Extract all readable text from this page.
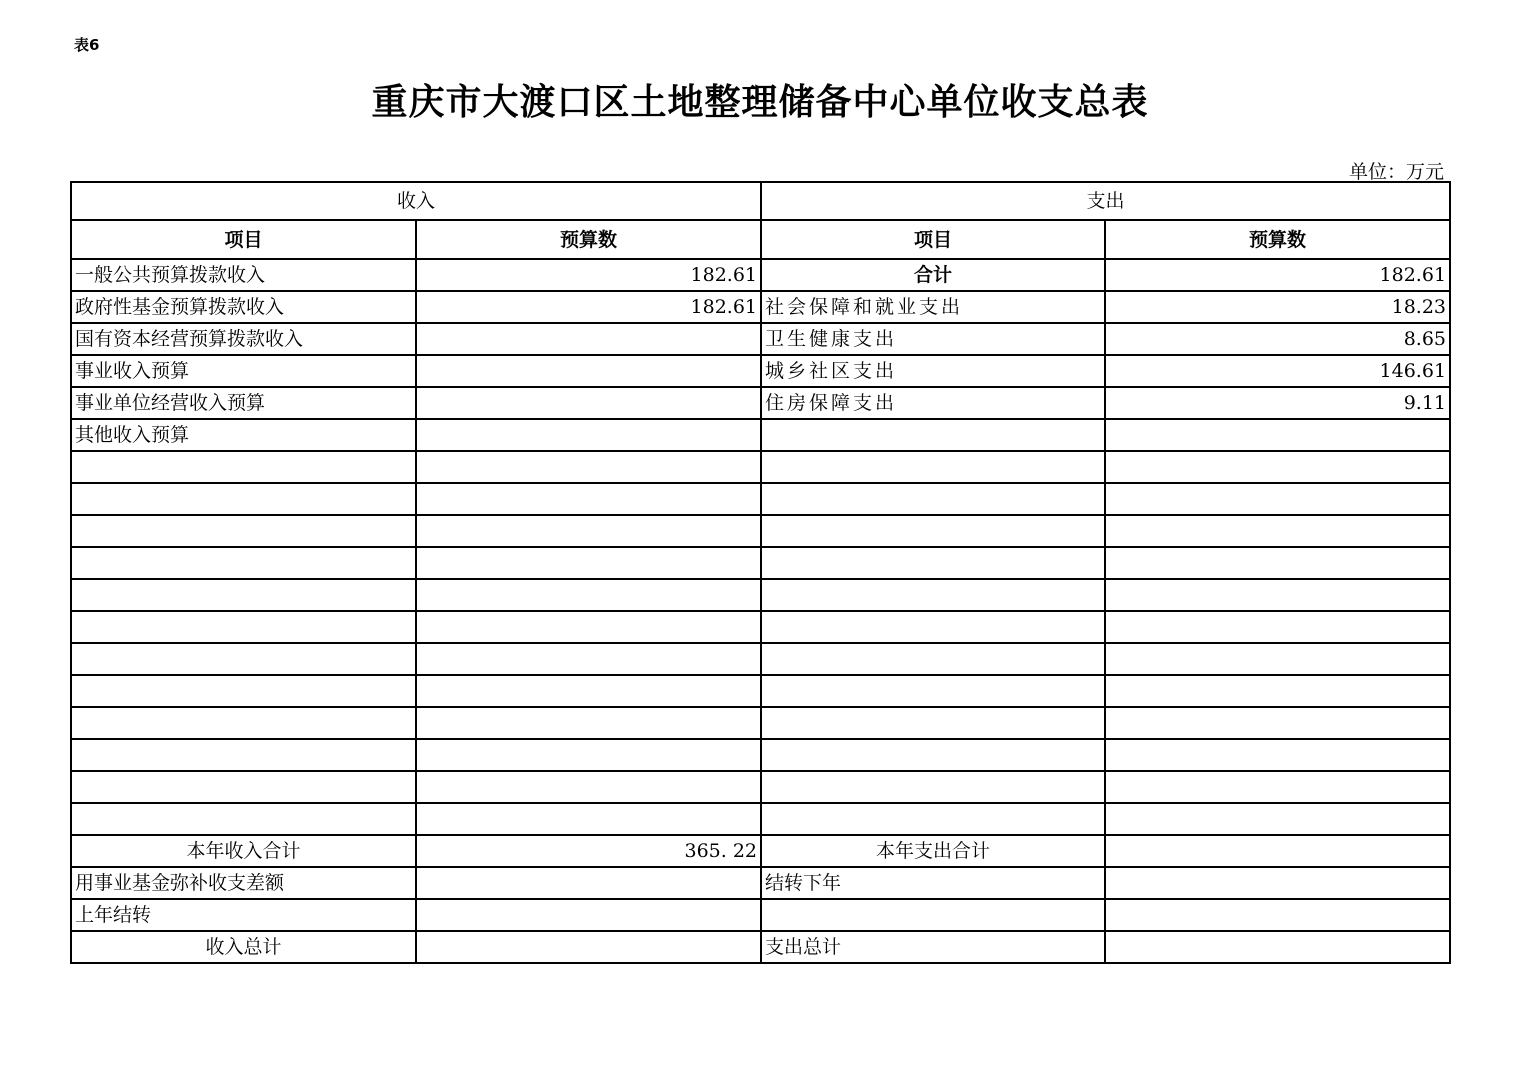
表6
重庆市大渡口区土地整理储备中心单位收支总表
单位：万元
收入		支出	
项目	预算数	项目	预算数
一般公共预算拨款收入	182.61	合计	182.61
政府性基金预算拨款收入	182.61	社会保障和就业支出	18.23
国有资本经营预算拨款收入		卫生健康支出	8.65
事业收入预算		城乡社区支出	146.61
事业单位经营收入预算		住房保障支出	9.11
其他收入预算			

本年收入合计	365. 22	本年支出合计	
用事业基金弥补收支差额		结转下年	
上年结转			
收入总计		支出总计	
